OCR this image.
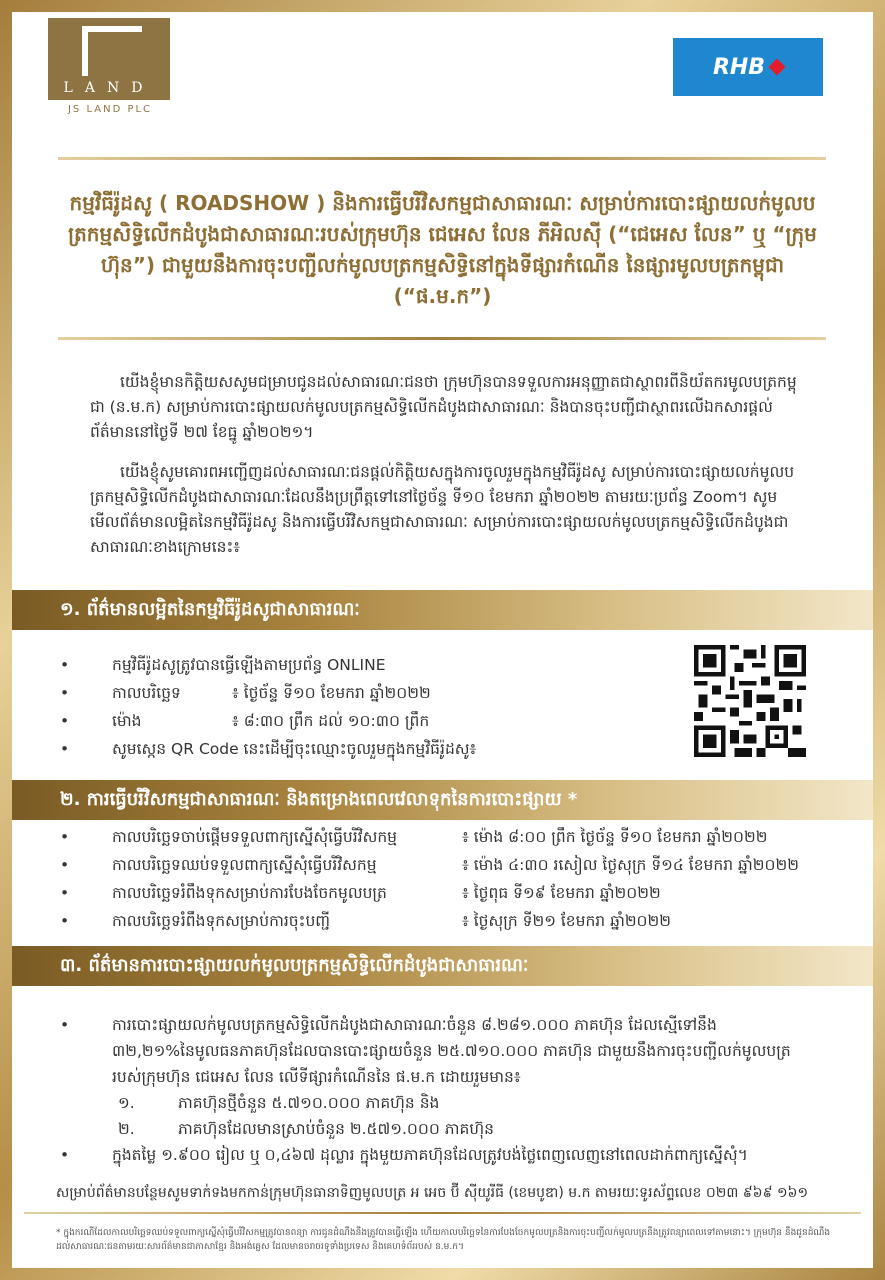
LAND
JS LAND PLC
RHB
កម្មវិធីរ៉ូដសូ ( ROADSHOW ) និងការធ្វើបរិវិសកម្មជាសាធារណៈ សម្រាប់ការបោះផ្សាយលក់មូលបត្រកម្មសិទ្ធិលើកដំបូងជាសាធារណៈរបស់ក្រុមហ៊ុន ជេអេស លែន ភីអិលស៊ី (“ជេអេស លែន” ឬ “ក្រុមហ៊ុន”) ជាមួយនឹងការចុះបញ្ជីលក់មូលបត្រកម្មសិទ្ធិនៅក្នុងទីផ្សារកំណើន នៃផ្សារមូលបត្រកម្ពុជា (“ផ.ម.ក”)
យើងខ្ញុំមានកិត្តិយសសូមជម្រាបជូនដល់សាធារណៈជនថា ក្រុមហ៊ុនបានទទួលការអនុញ្ញាតជាស្ថាពរពីនិយ័តករមូលបត្រកម្ពុជា (ន.ម.ក) សម្រាប់ការបោះផ្សាយលក់មូលបត្រកម្មសិទ្ធិលើកដំបូងជាសាធារណៈ និងបានចុះបញ្ជីជាស្ថាពរលើឯកសារផ្តល់ព័ត៌មាននៅថ្ងៃទី ២៧ ខែធ្នូ ឆ្នាំ២០២១។
យើងខ្ញុំសូមគោរពអញ្ជើញដល់សាធារណៈជនផ្តល់កិត្តិយសក្នុងការចូលរួមក្នុងកម្មវិធីរ៉ូដសូ សម្រាប់ការបោះផ្សាយលក់មូលបត្រកម្មសិទ្ធិលើកដំបូងជាសាធារណៈដែលនឹងប្រព្រឹត្តទៅនៅថ្ងៃច័ន្ទ ទី១០ ខែមករា ឆ្នាំ២០២២ តាមរយៈប្រព័ន្ធ Zoom។ សូមមើលព័ត៌មានលម្អិតនៃកម្មវិធីរ៉ូដសូ និងការធ្វើបរិវិសកម្មជាសាធារណៈ សម្រាប់ការបោះផ្សាយលក់មូលបត្រកម្មសិទ្ធិលើកដំបូងជាសាធារណៈខាងក្រោមនេះ៖
១. ព័ត៌មានលម្អិតនៃកម្មវិធីរ៉ូដសូជាសាធារណៈ
• កម្មវិធីរ៉ូដសូត្រូវបានធ្វើឡើងតាមប្រព័ន្ធ ONLINE
• កាលបរិច្ឆេទ	៖ ថ្ងៃច័ន្ទ ទី១០ ខែមករា ឆ្នាំ២០២២
• ម៉ោង	៖ ៨:៣០ ព្រឹក ដល់ ១០:៣០ ព្រឹក
• សូមស្កេន QR Code នេះដើម្បីចុះឈ្មោះចូលរួមក្នុងកម្មវិធីរ៉ូដសូ៖
២. ការធ្វើបរិវិសកម្មជាសាធារណៈ និងតម្រោងពេលវេលាទុកនៃការបោះផ្សាយ *
• កាលបរិច្ឆេទចាប់ផ្តើមទទួលពាក្យស្នើសុំធ្វើបរិវិសកម្ម	៖ ម៉ោង ៨:០០ ព្រឹក ថ្ងៃច័ន្ទ ទី១០ ខែមករា ឆ្នាំ២០២២
• កាលបរិច្ឆេទឈប់ទទួលពាក្យស្នើសុំធ្វើបរិវិសកម្ម	៖ ម៉ោង ៤:៣០ រសៀល ថ្ងៃសុក្រ ទី១៤ ខែមករា ឆ្នាំ២០២២
• កាលបរិច្ឆេទរំពឹងទុកសម្រាប់ការបែងចែកមូលបត្រ	៖ ថ្ងៃពុធ ទី១៩ ខែមករា ឆ្នាំ២០២២
• កាលបរិច្ឆេទរំពឹងទុកសម្រាប់ការចុះបញ្ជី	៖ ថ្ងៃសុក្រ ទី២១ ខែមករា ឆ្នាំ២០២២
៣. ព័ត៌មានការបោះផ្សាយលក់មូលបត្រកម្មសិទ្ធិលើកដំបូងជាសាធារណៈ
• ការបោះផ្សាយលក់មូលបត្រកម្មសិទ្ធិលើកដំបូងជាសាធារណៈចំនួន ៨.២៨១.០០០ ភាគហ៊ុន ដែលស្មើទៅនឹង ៣២,២១%នៃមូលធនភាគហ៊ុនដែលបានបោះផ្សាយចំនួន ២៥.៧១០.០០០ ភាគហ៊ុន ជាមួយនឹងការចុះបញ្ជីលក់មូលបត្ររបស់ក្រុមហ៊ុន ជេអេស លែន លើទីផ្សារកំណើននៃ ផ.ម.ក ដោយរួមមាន៖
១.	ភាគហ៊ុនថ្មីចំនួន ៥.៧១០.០០០ ភាគហ៊ុន និង
២.	ភាគហ៊ុនដែលមានស្រាប់ចំនួន ២.៥៧១.០០០ ភាគហ៊ុន
• ក្នុងតម្លៃ ១.៩០០ រៀល ឬ ០,៤៦៧ ដុល្លារ ក្នុងមួយភាគហ៊ុនដែលត្រូវបង់ថ្លៃពេញលេញនៅពេលដាក់ពាក្យស្នើសុំ។
សម្រាប់ព័ត៌មានបន្ថែមសូមទាក់ទងមកកាន់ក្រុមហ៊ុនធានាទិញមូលបត្រ អ អេច ប៊ី ស៊ីយូរីធី (ខេមបូឌា) ម.ក តាមរយៈទូរស័ព្ទលេខ ០២៣ ៩៦៩ ១៦១
* ក្នុងករណីដែលកាលបរិច្ឆេទឈប់ទទួលពាក្យស្នើសុំធ្វើបរិវិសកម្មត្រូវបានពន្យា ការជូនដំណឹងនឹងត្រូវបានធ្វើឡើង ហើយកាលបរិច្ឆេទនៃការបែងចែកមូលបត្រនិងការចុះបញ្ជីលក់មូលបត្រនឹងត្រូវពន្យាពេលទៅតាមនោះ។ ក្រុមហ៊ុន នឹងជូនដំណឹងដល់សាធារណៈជនតាមរយៈសារព័ត៌មានជាភាសាខ្មែរ និងអង់គ្លេស ដែលមានចរាចរទូទាំងប្រទេស និងគេហទំព័ររបស់ ន.ម.ក។
